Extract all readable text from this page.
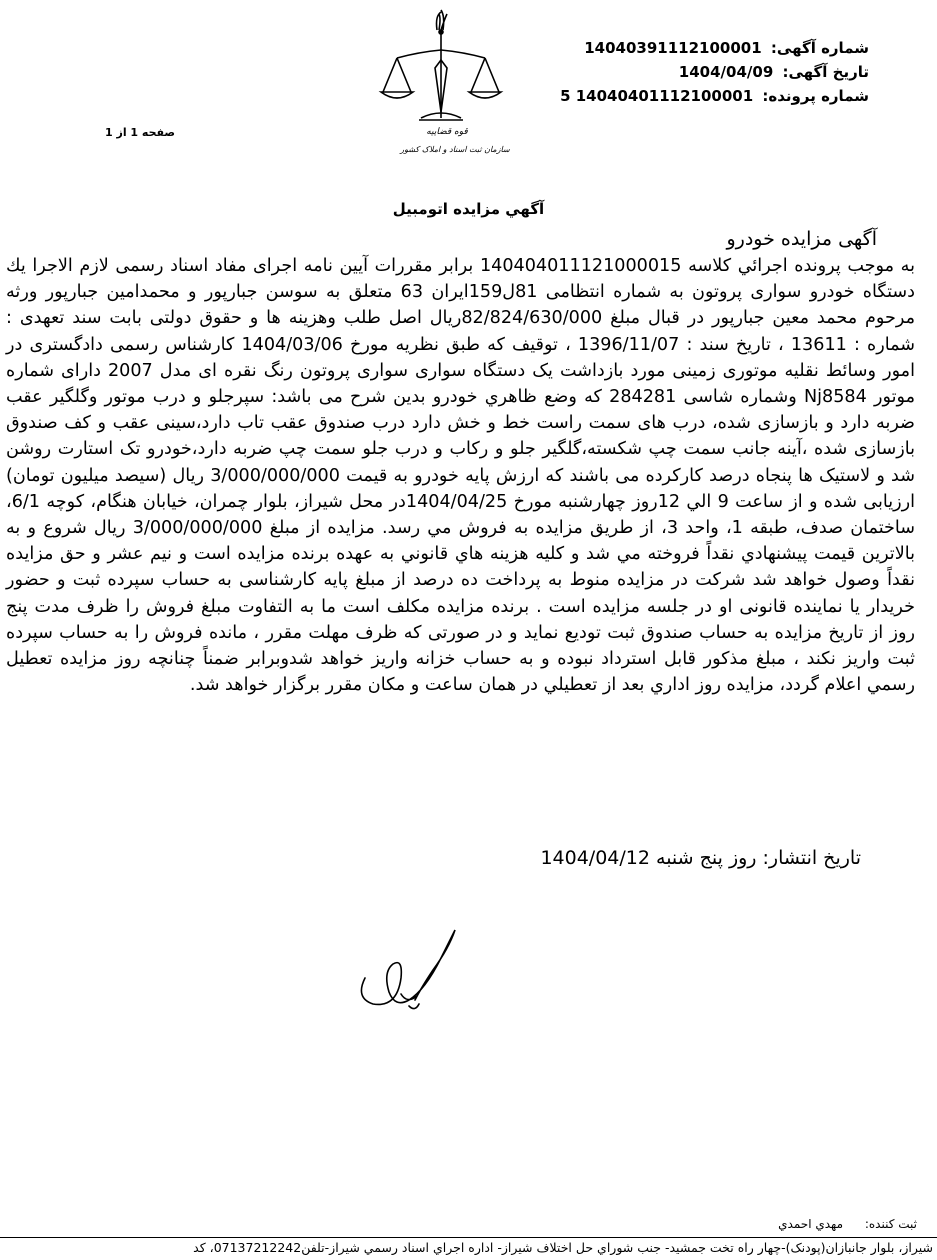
شماره آگهی: 14040391112100001
تاریخ آگهی: 1404/04/09
شماره پرونده: 14040401112100001 5
قوه قضاییه
سازمان ثبت اسناد و املاک کشور
صفحه 1 از 1
آگهي مزايده اتومبيل
آگهی مزایده خودرو
به موجب پرونده اجرائي كلاسه 140404011121000015 برابر مقررات آيين نامه اجرای مفاد اسناد رسمی لازم الاجرا يك دستگاه خودرو سواری پروتون به شماره انتظامی 81ل159ایران 63 متعلق به سوسن جبارپور و محمدامین جبارپور ورثه مرحوم محمد معین جبارپور در قبال مبلغ 82/824/630/000ریال اصل طلب وهزینه ها و حقوق دولتی بابت سند تعهدی : شماره : 13611 ، تاریخ سند : 1396/11/07 ، توقیف که طبق نظریه مورخ 1404/03/06 کارشناس رسمی دادگستری در امور وسائط نقلیه موتوری زمینی مورد بازداشت یک دستگاه سواری سواری پروتون رنگ نقره ای مدل 2007 دارای شماره موتور Nj8584 وشماره شاسی 284281 كه وضع ظاهري خودرو بدين شرح می باشد: سپرجلو و درب موتور وگلگیر عقب ضربه دارد و بازسازی شده، درب های سمت راست خط و خش دارد درب صندوق عقب تاب دارد،سینی عقب و کف صندوق بازسازی شده ،آینه جانب سمت چپ شکسته،گلگیر جلو و رکاب و درب جلو سمت چپ ضربه دارد،خودرو تک استارت روشن شد و لاستیک ها پنجاه درصد کارکرده می باشند که ارزش پایه خودرو به قیمت 3/000/000/000 ریال (سیصد میلیون تومان) ارزیابی شده و از ساعت 9 الي 12روز چهارشنبه مورخ 1404/04/25در محل شیراز، بلوار چمران، خیابان هنگام، کوچه 6/1، ساختمان صدف، طبقه 1، واحد 3، از طريق مزايده به فروش مي رسد. مزايده از مبلغ 3/000/000/000 ريال شروع و به بالاترين قيمت پيشنهادي نقداً فروخته مي شد و كليه هزينه هاي قانوني به عهده برنده مزايده است و نيم عشر و حق مزايده نقداً وصول خواهد شد شركت در مزايده منوط به پرداخت ده درصد از مبلغ پایه کارشناسی به حساب سپرده ثبت و حضور خریدار یا نماینده قانونی او در جلسه مزایده است . برنده مزايده مكلف است ما به التفاوت مبلغ فروش را ظرف مدت پنج روز از تاريخ مزايده به حساب صندوق ثبت توديع نمايد و در صورتی که ظرف مهلت مقرر ، مانده فروش را به حساب سپرده ثبت واریز نكند ، مبلغ مذكور قابل استرداد نبوده و به حساب خزانه واريز خواهد شدوبرابر ضمناً چنانچه روز مزايده تعطيل رسمي اعلام گردد، مزايده روز اداري بعد از تعطيلي در همان ساعت و مكان مقرر برگزار خواهد شد.
تاریخ انتشار: روز پنج شنبه 1404/04/12
ثبت کننده: مهدي احمدي
شیراز، بلوار جانبازان(پودنک)-چهار راه تخت جمشید- جنب شوراي حل اختلاف شیراز- اداره اجراي اسناد رسمي شیراز-تلفن07137212242، کد
